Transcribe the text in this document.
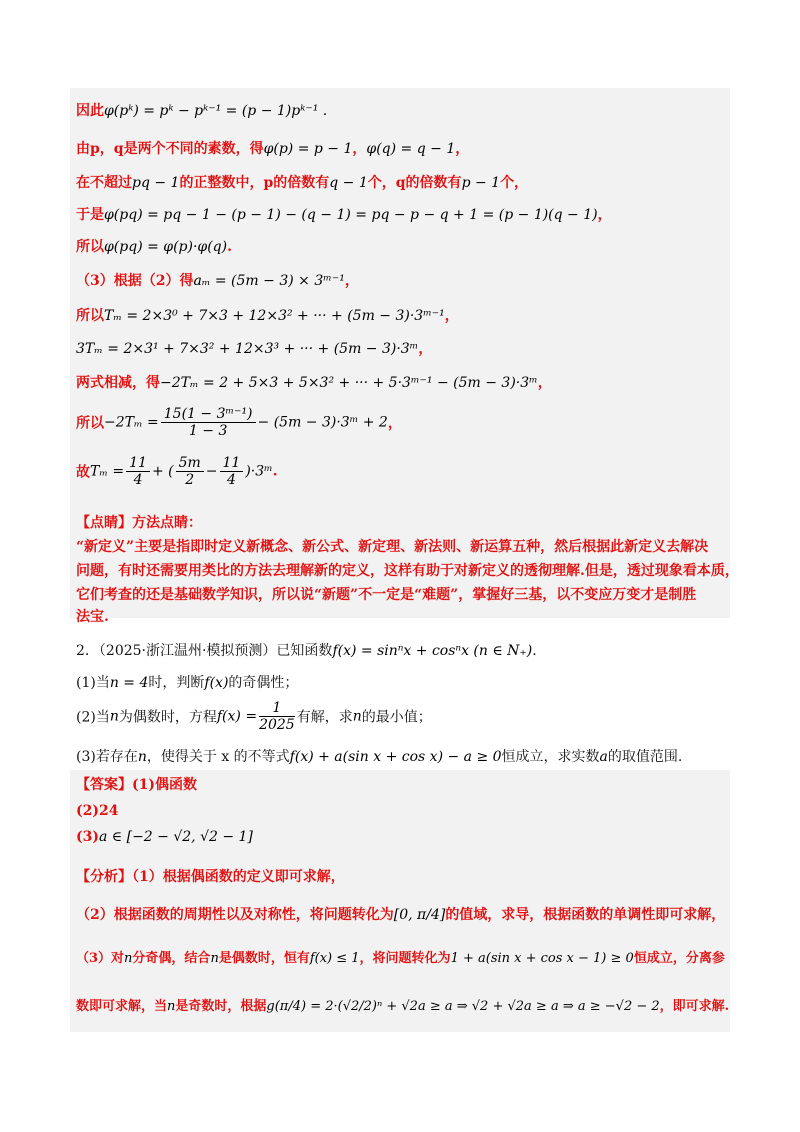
因此φ(pᵏ) = pᵏ − pᵏ⁻¹ = (p − 1)pᵏ⁻¹ .
由p，q是两个不同的素数，得φ(p) = p − 1，φ(q) = q − 1，
在不超过pq − 1的正整数中，p的倍数有q − 1个，q的倍数有p − 1个，
于是φ(pq) = pq − 1 − (p − 1) − (q − 1) = pq − p − q + 1 = (p − 1)(q − 1)，
所以φ(pq) = φ(p)·φ(q).
（3）根据（2）得aₘ = (5m − 3) × 3ᵐ⁻¹，
所以Tₘ = 2×3⁰ + 7×3 + 12×3² + ··· + (5m − 3)·3ᵐ⁻¹，
3Tₘ = 2×3¹ + 7×3² + 12×3³ + ··· + (5m − 3)·3ᵐ，
两式相减，得−2Tₘ = 2 + 5×3 + 5×3² + ··· + 5·3ᵐ⁻¹ − (5m − 3)·3ᵐ，
所以$-2T_m = \frac{\text{15(1 − 3ᵐ⁻¹)}}{1 - 3} - (5m$ − 3)·3ᵐ + 2，
故$T_m = \frac{11}{4}$ + ( $\frac{5m}{2} - \frac{11}{4}$ )·3ᵐ.
【点睛】方法点睛：
“新定义”主要是指即时定义新概念、新公式、新定理、新法则、新运算五种，然后根据此新定义去解决
问题，有时还需要用类比的方法去理解新的定义，这样有助于对新定义的透彻理解.但是，透过现象看本质，
它们考查的还是基础数学知识，所以说“新题”不一定是“难题”，掌握好三基，以不变应万变才是制胜
法宝.
2．（2025·浙江温州·模拟预测）已知函数f(x) = sinⁿx + cosⁿx (n ∈ N₊).
(1)当n = 4时，判断f(x)的奇偶性；
(2)当n为偶数时，方程$f(x) = \frac{1}{2025}$ 有解，求n的最小值；
(3)若存在n，使得关于 x 的不等式f(x) + a(sin x + cos x) − a ≥ 0恒成立，求实数a的取值范围.
【答案】(1)偶函数
(2)24
(3)a ∈ [−2 − √2, √2 − 1]
【分析】（1）根据偶函数的定义即可求解，
（2）根据函数的周期性以及对称性，将问题转化为[0, π/4]的值域，求导，根据函数的单调性即可求解，
（3）对n分奇偶，结合n是偶数时，恒有f(x) ≤ 1，将问题转化为1 + a(sin x + cos x − 1) ≥ 0恒成立，分离参
数即可求解，当n是奇数时，根据g(π/4) = 2·(√2/2)ⁿ + √2a ≥ a ⇒ √2 + √2a ≥ a ⇒ a ≥ −√2 − 2，即可求解.
